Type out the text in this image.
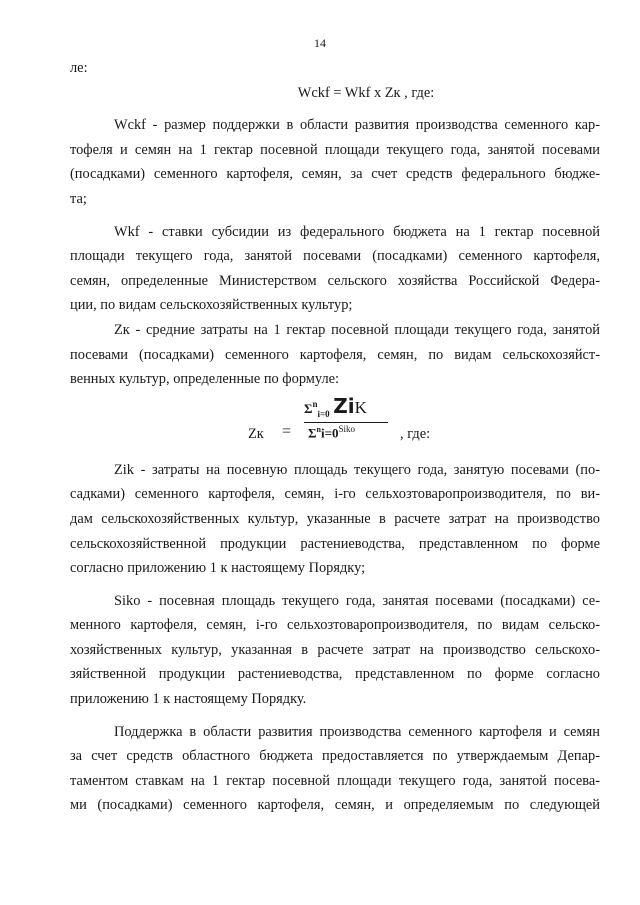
14
ле:
Wckf = Wkf x Zк , где:
Wckf - размер поддержки в области развития производства семенного кар-
тофеля и семян на 1 гектар посевной площади текущего года, занятой посевами
(посадками) семенного картофеля, семян, за счет средств федерального бюдже-
та;
Wkf - ставки субсидии из федерального бюджета на 1 гектар посевной
площади текущего года, занятой посевами (посадками) семенного картофеля,
семян, определенные Министерством сельского хозяйства Российской Федера-
ции, по видам сельскохозяйственных культур;
Zк - средние затраты на 1 гектар посевной площади текущего года, занятой
посевами (посадками) семенного картофеля, семян, по видам сельскохозяйст-
венных культур, определенные по формуле:
Zк =
$\Sigma^n_{i=0}$ ZiK
$\Sigma^ni=0^{Siko}$	, где:
Zik - затраты на посевную площадь текущего года, занятую посевами (по-
садками) семенного картофеля, семян, i-го сельхозтоваропроизводителя, по ви-
дам сельскохозяйственных культур, указанные в расчете затрат на производство
сельскохозяйственной продукции растениеводства, представленном по форме
согласно приложению 1 к настоящему Порядку;
Siko - посевная площадь текущего года, занятая посевами (посадками) се-
менного картофеля, семян, i-го сельхозтоваропроизводителя, по видам сельско-
хозяйственных культур, указанная в расчете затрат на производство сельскохо-
зяйственной продукции растениеводства, представленном по форме согласно
приложению 1 к настоящему Порядку.
Поддержка в области развития производства семенного картофеля и семян
за счет средств областного бюджета предоставляется по утверждаемым Депар-
таментом ставкам на 1 гектар посевной площади текущего года, занятой посева-
ми (посадками) семенного картофеля, семян, и определяемым по следующей
